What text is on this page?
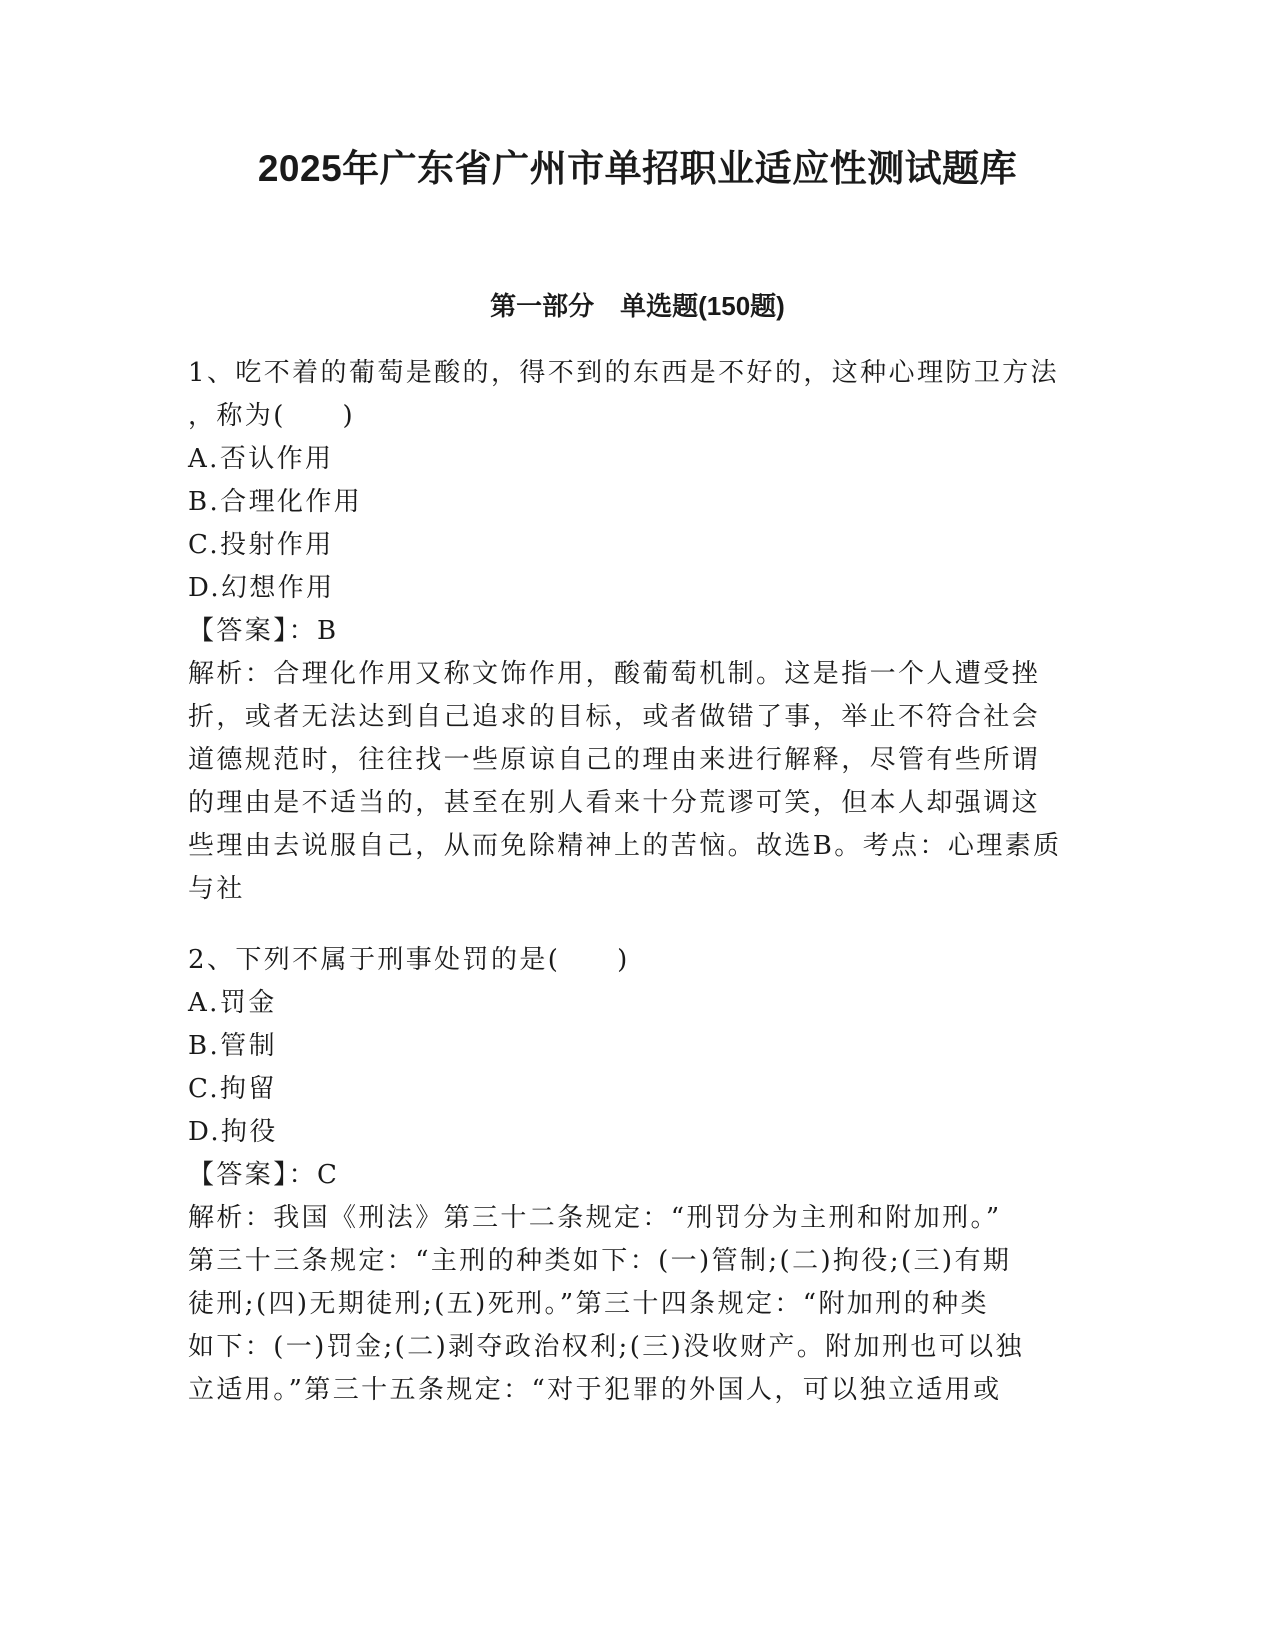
2025年广东省广州市单招职业适应性测试题库
第一部分　单选题(150题)
1、吃不着的葡萄是酸的，得不到的东西是不好的，这种心理防卫方法
，称为(　　)
A.否认作用
B.合理化作用
C.投射作用
D.幻想作用
【答案】：B
解析：合理化作用又称文饰作用，酸葡萄机制。这是指一个人遭受挫
折，或者无法达到自己追求的目标，或者做错了事，举止不符合社会
道德规范时，往往找一些原谅自己的理由来进行解释，尽管有些所谓
的理由是不适当的，甚至在别人看来十分荒谬可笑，但本人却强调这
些理由去说服自己，从而免除精神上的苦恼。故选B。考点：心理素质
与社
2、下列不属于刑事处罚的是(　　)
A.罚金
B.管制
C.拘留
D.拘役
【答案】：C
解析：我国《刑法》第三十二条规定：“刑罚分为主刑和附加刑。”
第三十三条规定：“主刑的种类如下：(一)管制;(二)拘役;(三)有期
徒刑;(四)无期徒刑;(五)死刑。”第三十四条规定：“附加刑的种类
如下：(一)罚金;(二)剥夺政治权利;(三)没收财产。附加刑也可以独
立适用。”第三十五条规定：“对于犯罪的外国人，可以独立适用或
